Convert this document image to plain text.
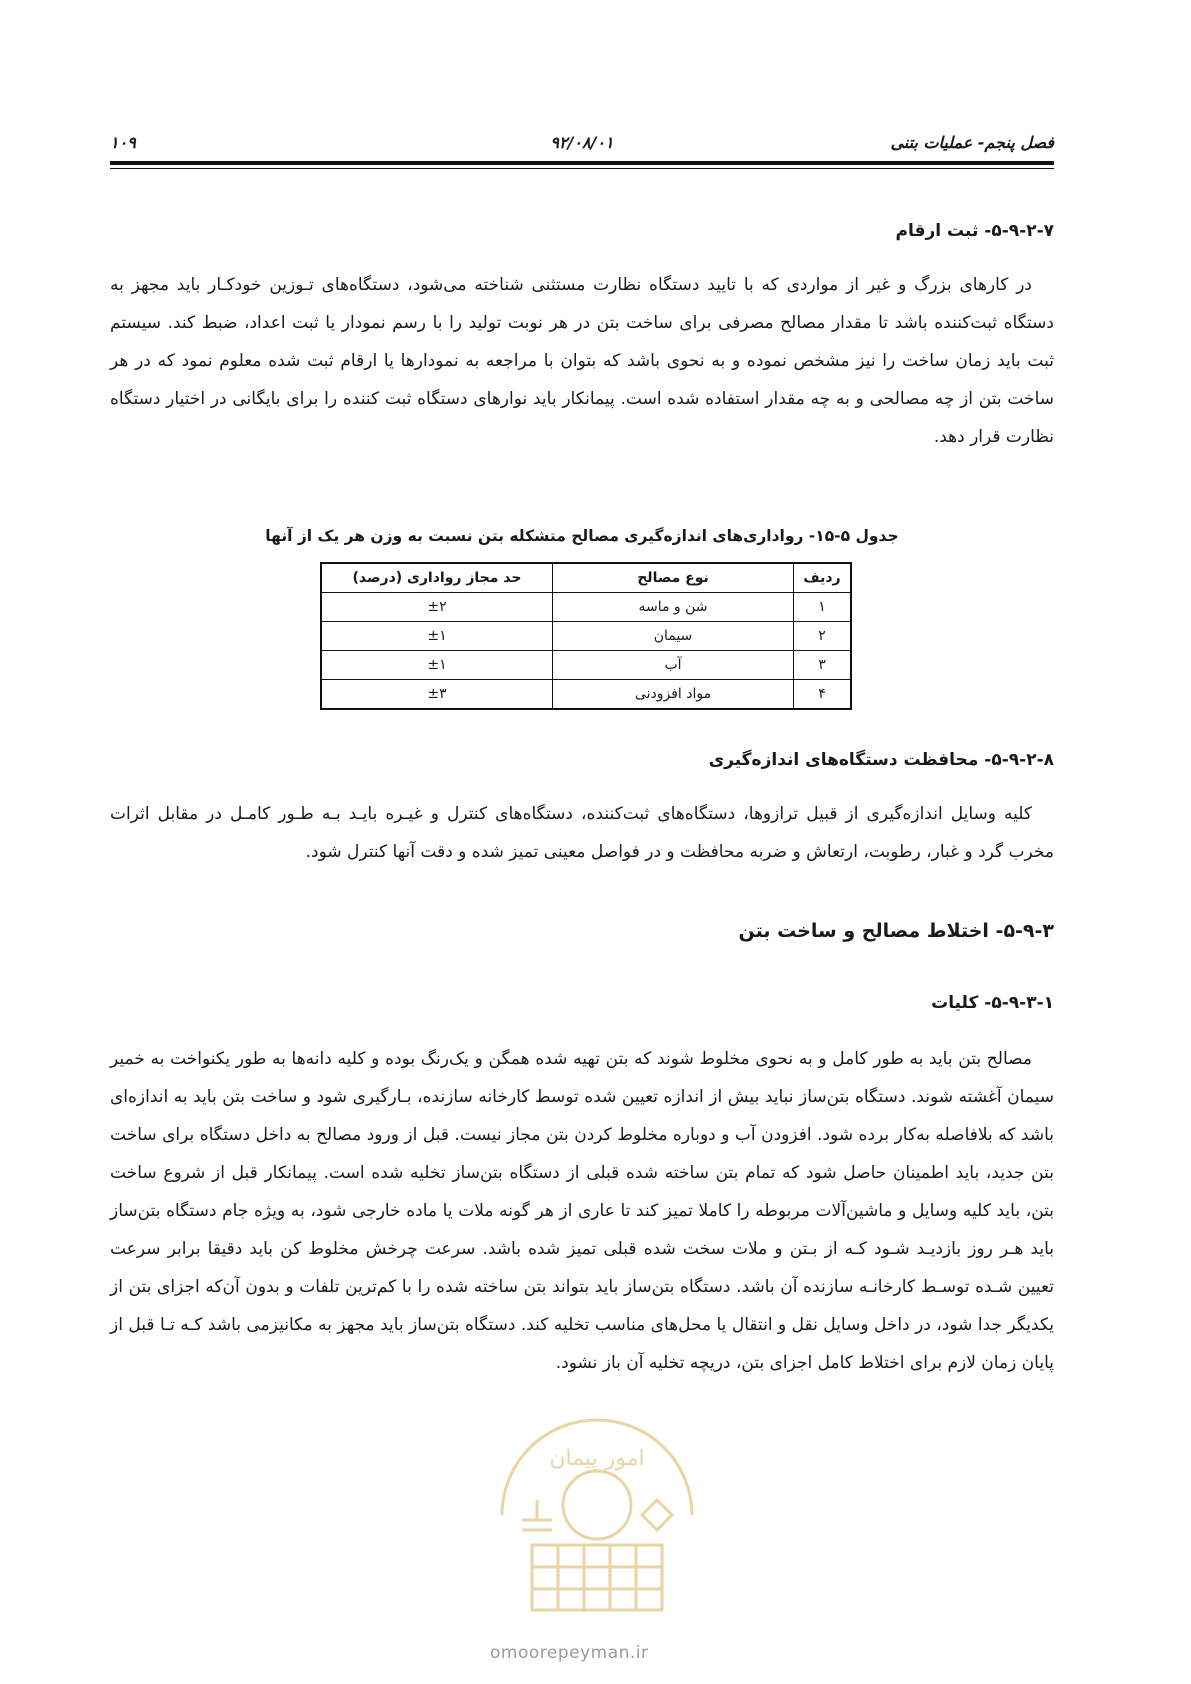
فصل پنجم- عملیات بتنی
۹۲/۰۸/۰۱
۱۰۹
۵-۹-۲-۷- ثبت ارقام
در کارهای بزرگ و غیر از مواردی که با تایید دستگاه نظارت مستثنی شناخته می‌شود، دستگاه‌های تـوزین خودکـار باید مجهز به دستگاه ثبت‌کننده باشد تا مقدار مصالح مصرفی برای ساخت بتن در هر نوبت تولید را با رسم نمودار یا ثبت اعداد، ضبط کند. سیستم ثبت باید زمان ساخت را نیز مشخص نموده و به نحوی باشد که بتوان با مراجعه به نمودارها یا ارقام ثبت شده معلوم نمود که در هر ساخت بتن از چه مصالحی و به چه مقدار استفاده شده است. پیمانکار باید نوارهای دستگاه ثبت کننده را برای بایگانی در اختیار دستگاه نظارت قرار دهد.
جدول ۵-۱۵- رواداری‌های اندازه‌گیری مصالح متشکله بتن نسبت به وزن هر یک از آنها
ردیف	نوع مصالح	حد مجاز رواداری (درصد)
۱	شن و ماسه	±۲
۲	سیمان	±۱
۳	آب	±۱
۴	مواد افزودنی	±۳
۵-۹-۲-۸- محافظت دستگاه‌های اندازه‌گیری
کلیه وسایل اندازه‌گیری از قبیل ترازوها، دستگاه‌های ثبت‌کننده، دستگاه‌های کنترل و غیـره بایـد بـه طـور کامـل در مقابل اثرات مخرب گرد و غبار، رطوبت، ارتعاش و ضربه محافظت و در فواصل معینی تمیز شده و دقت آنها کنترل شود.
۵-۹-۳- اختلاط مصالح و ساخت بتن
۵-۹-۳-۱- کلیات
مصالح بتن باید به طور کامل و به نحوی مخلوط شوند که بتن تهیه شده همگن و یک‌رنگ بوده و کلیه دانه‌ها به طور یکنواخت به خمیر سیمان آغشته شوند. دستگاه بتن‌ساز نباید بیش از اندازه تعیین شده توسط کارخانه سازنده، بـارگیری شود و ساخت بتن باید به اندازه‌ای باشد که بلافاصله به‌کار برده شود. افزودن آب و دوباره مخلوط کردن بتن مجاز نیست. قبل از ورود مصالح به داخل دستگاه برای ساخت بتن جدید، باید اطمینان حاصل شود که تمام بتن ساخته شده قبلی از دستگاه بتن‌ساز تخلیه شده است. پیمانکار قبل از شروع ساخت بتن، باید کلیه وسایل و ماشین‌آلات مربوطه را کاملا تمیز کند تا عاری از هر گونه ملات یا ماده خارجی شود، به ویژه جام دستگاه بتن‌ساز باید هـر روز بازدیـد شـود کـه از بـتن و ملات سخت شده قبلی تمیز شده باشد. سرعت چرخش مخلوط کن باید دقیقا برابر سرعت تعیین شـده توسـط کارخانـه سازنده آن باشد. دستگاه بتن‌ساز باید بتواند بتن ساخته شده را با کم‌ترین تلفات و بدون آن‌که اجزای بتن از یکدیگر جدا شود، در داخل وسایل نقل و انتقال یا محل‌های مناسب تخلیه کند. دستگاه بتن‌ساز باید مجهز به مکانیزمی باشد کـه تـا قبل از پایان زمان لازم برای اختلاط کامل اجزای بتن، دریچه تخلیه آن باز نشود.
امور پیمان
omoorepeyman.ir
